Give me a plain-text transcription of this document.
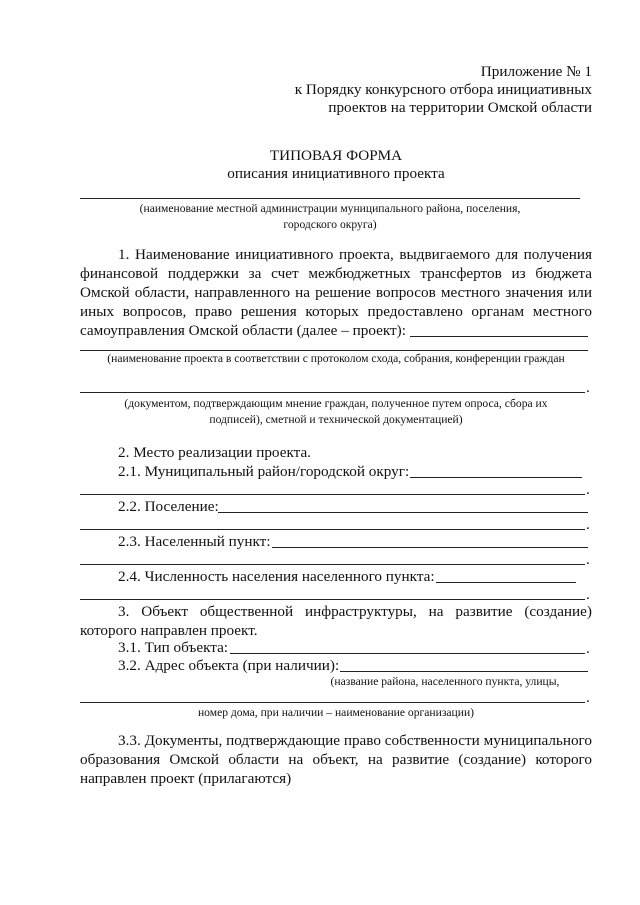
Приложение № 1
к Порядку конкурсного отбора инициативных
проектов на территории Омской области
ТИПОВАЯ ФОРМА
описания инициативного проекта
(наименование местной администрации муниципального района, поселения,
городского округа)
1. Наименование инициативного проекта, выдвигаемого для получения
финансовой поддержки за счет межбюджетных трансфертов из бюджета
Омской области, направленного на решение вопросов местного значения или
иных вопросов, право решения которых предоставлено органам местного
самоуправления Омской области (далее – проект):
(наименование проекта в соответствии с протоколом схода, собрания, конференции граждан
.
(документом, подтверждающим мнение граждан, полученное путем опроса, сбора их
подписей), сметной и технической документацией)
2. Место реализации проекта.
2.1. Муниципальный район/городской округ:
.
2.2. Поселение:
.
2.3. Населенный пункт:
.
2.4. Численность населения населенного пункта:
.
3. Объект общественной инфраструктуры, на развитие (создание)
которого направлен проект.
3.1. Тип объекта:	.
3.2. Адрес объекта (при наличии):
(название района, населенного пункта, улицы,
.
номер дома, при наличии – наименование организации)
3.3. Документы, подтверждающие право собственности муниципального
образования Омской области на объект, на развитие (создание) которого
направлен проект (прилагаются)
